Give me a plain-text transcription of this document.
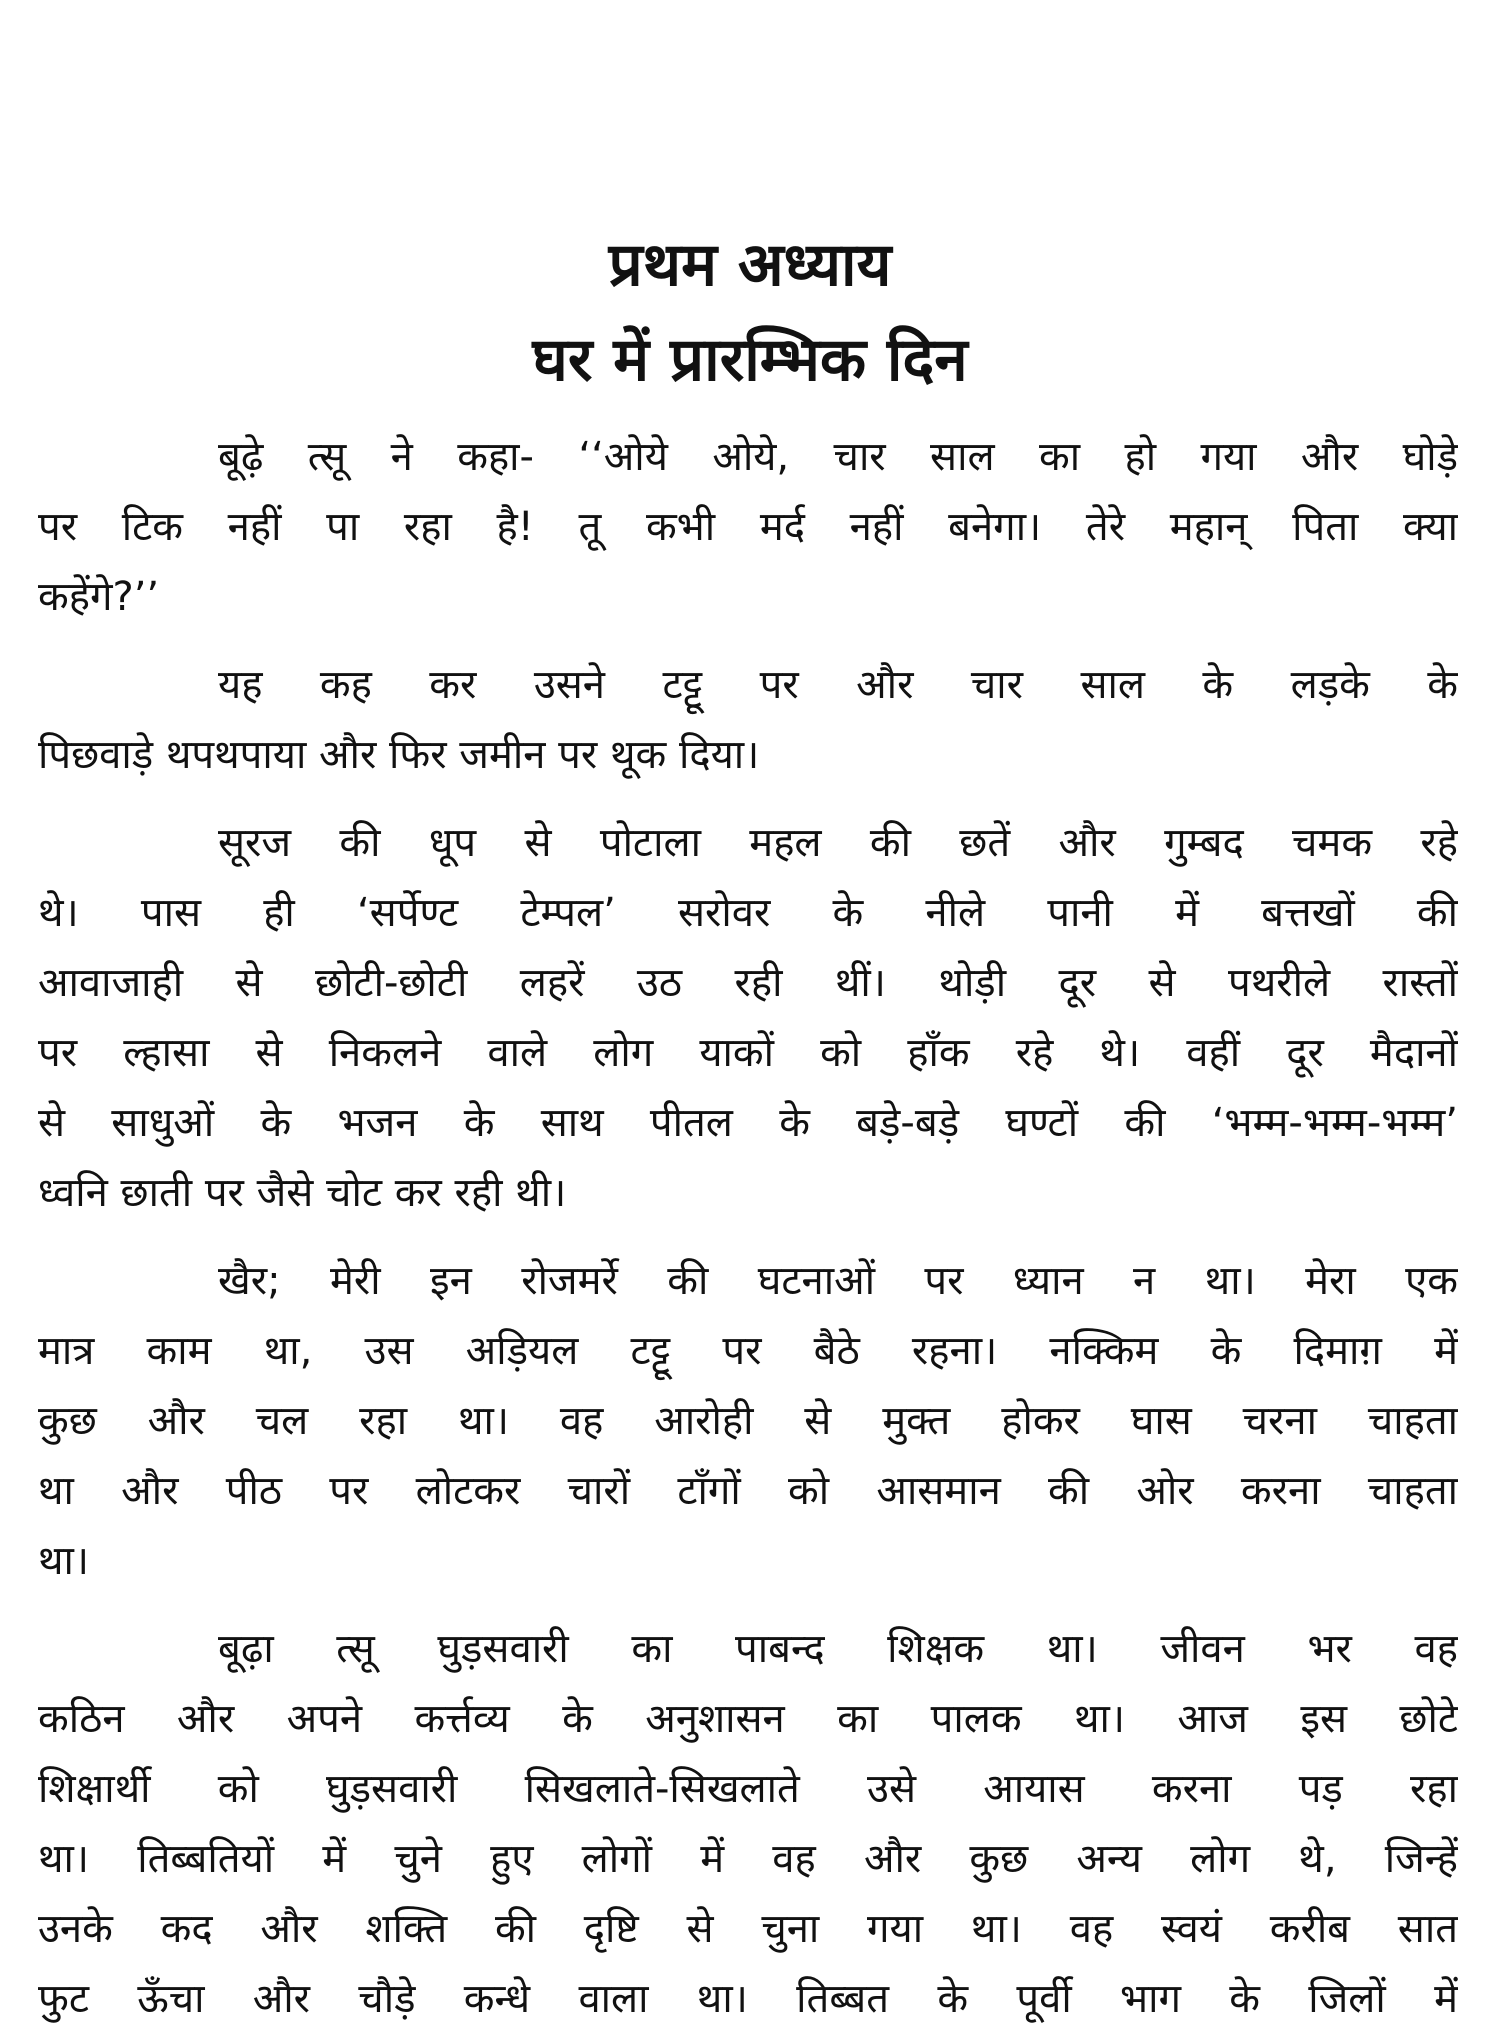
प्रथम अध्याय
घर में प्रारम्भिक दिन
बूढ़े त्सू ने कहा- ‘‘ओये ओये, चार साल का हो गया और घोड़े
पर टिक नहीं पा रहा है! तू कभी मर्द नहीं बनेगा। तेरे महान् पिता क्या
कहेंगे?’’
यह कह कर उसने टट्टू पर और चार साल के लड़के के
पिछवाड़े थपथपाया और फिर जमीन पर थूक दिया।
सूरज की धूप से पोटाला महल की छतें और गुम्बद चमक रहे
थे। पास ही ‘सर्पेण्ट टेम्पल’ सरोवर के नीले पानी में बत्तखों की
आवाजाही से छोटी-छोटी लहरें उठ रही थीं। थोड़ी दूर से पथरीले रास्तों
पर ल्हासा से निकलने वाले लोग याकों को हाँक रहे थे। वहीं दूर मैदानों
से साधुओं के भजन के साथ पीतल के बड़े-बड़े घण्टों की ‘भम्म-भम्म-भम्म’
ध्वनि छाती पर जैसे चोट कर रही थी।
खैर; मेरी इन रोजमर्रे की घटनाओं पर ध्यान न था। मेरा एक
मात्र काम था, उस अड़ियल टट्टू पर बैठे रहना। नक्किम के दिमाग़ में
कुछ और चल रहा था। वह आरोही से मुक्त होकर घास चरना चाहता
था और पीठ पर लोटकर चारों टाँगों को आसमान की ओर करना चाहता
था।
बूढ़ा त्सू घुड़सवारी का पाबन्द शिक्षक था। जीवन भर वह
कठिन और अपने कर्त्तव्य के अनुशासन का पालक था। आज इस छोटे
शिक्षार्थी को घुड़सवारी सिखलाते-सिखलाते उसे आयास करना पड़ रहा
था। तिब्बतियों में चुने हुए लोगों में वह और कुछ अन्य लोग थे, जिन्हें
उनके कद और शक्ति की दृष्टि से चुना गया था। वह स्वयं करीब सात
फुट ऊँचा और चौड़े कन्धे वाला था। तिब्बत के पूर्वी भाग के जिलों में
